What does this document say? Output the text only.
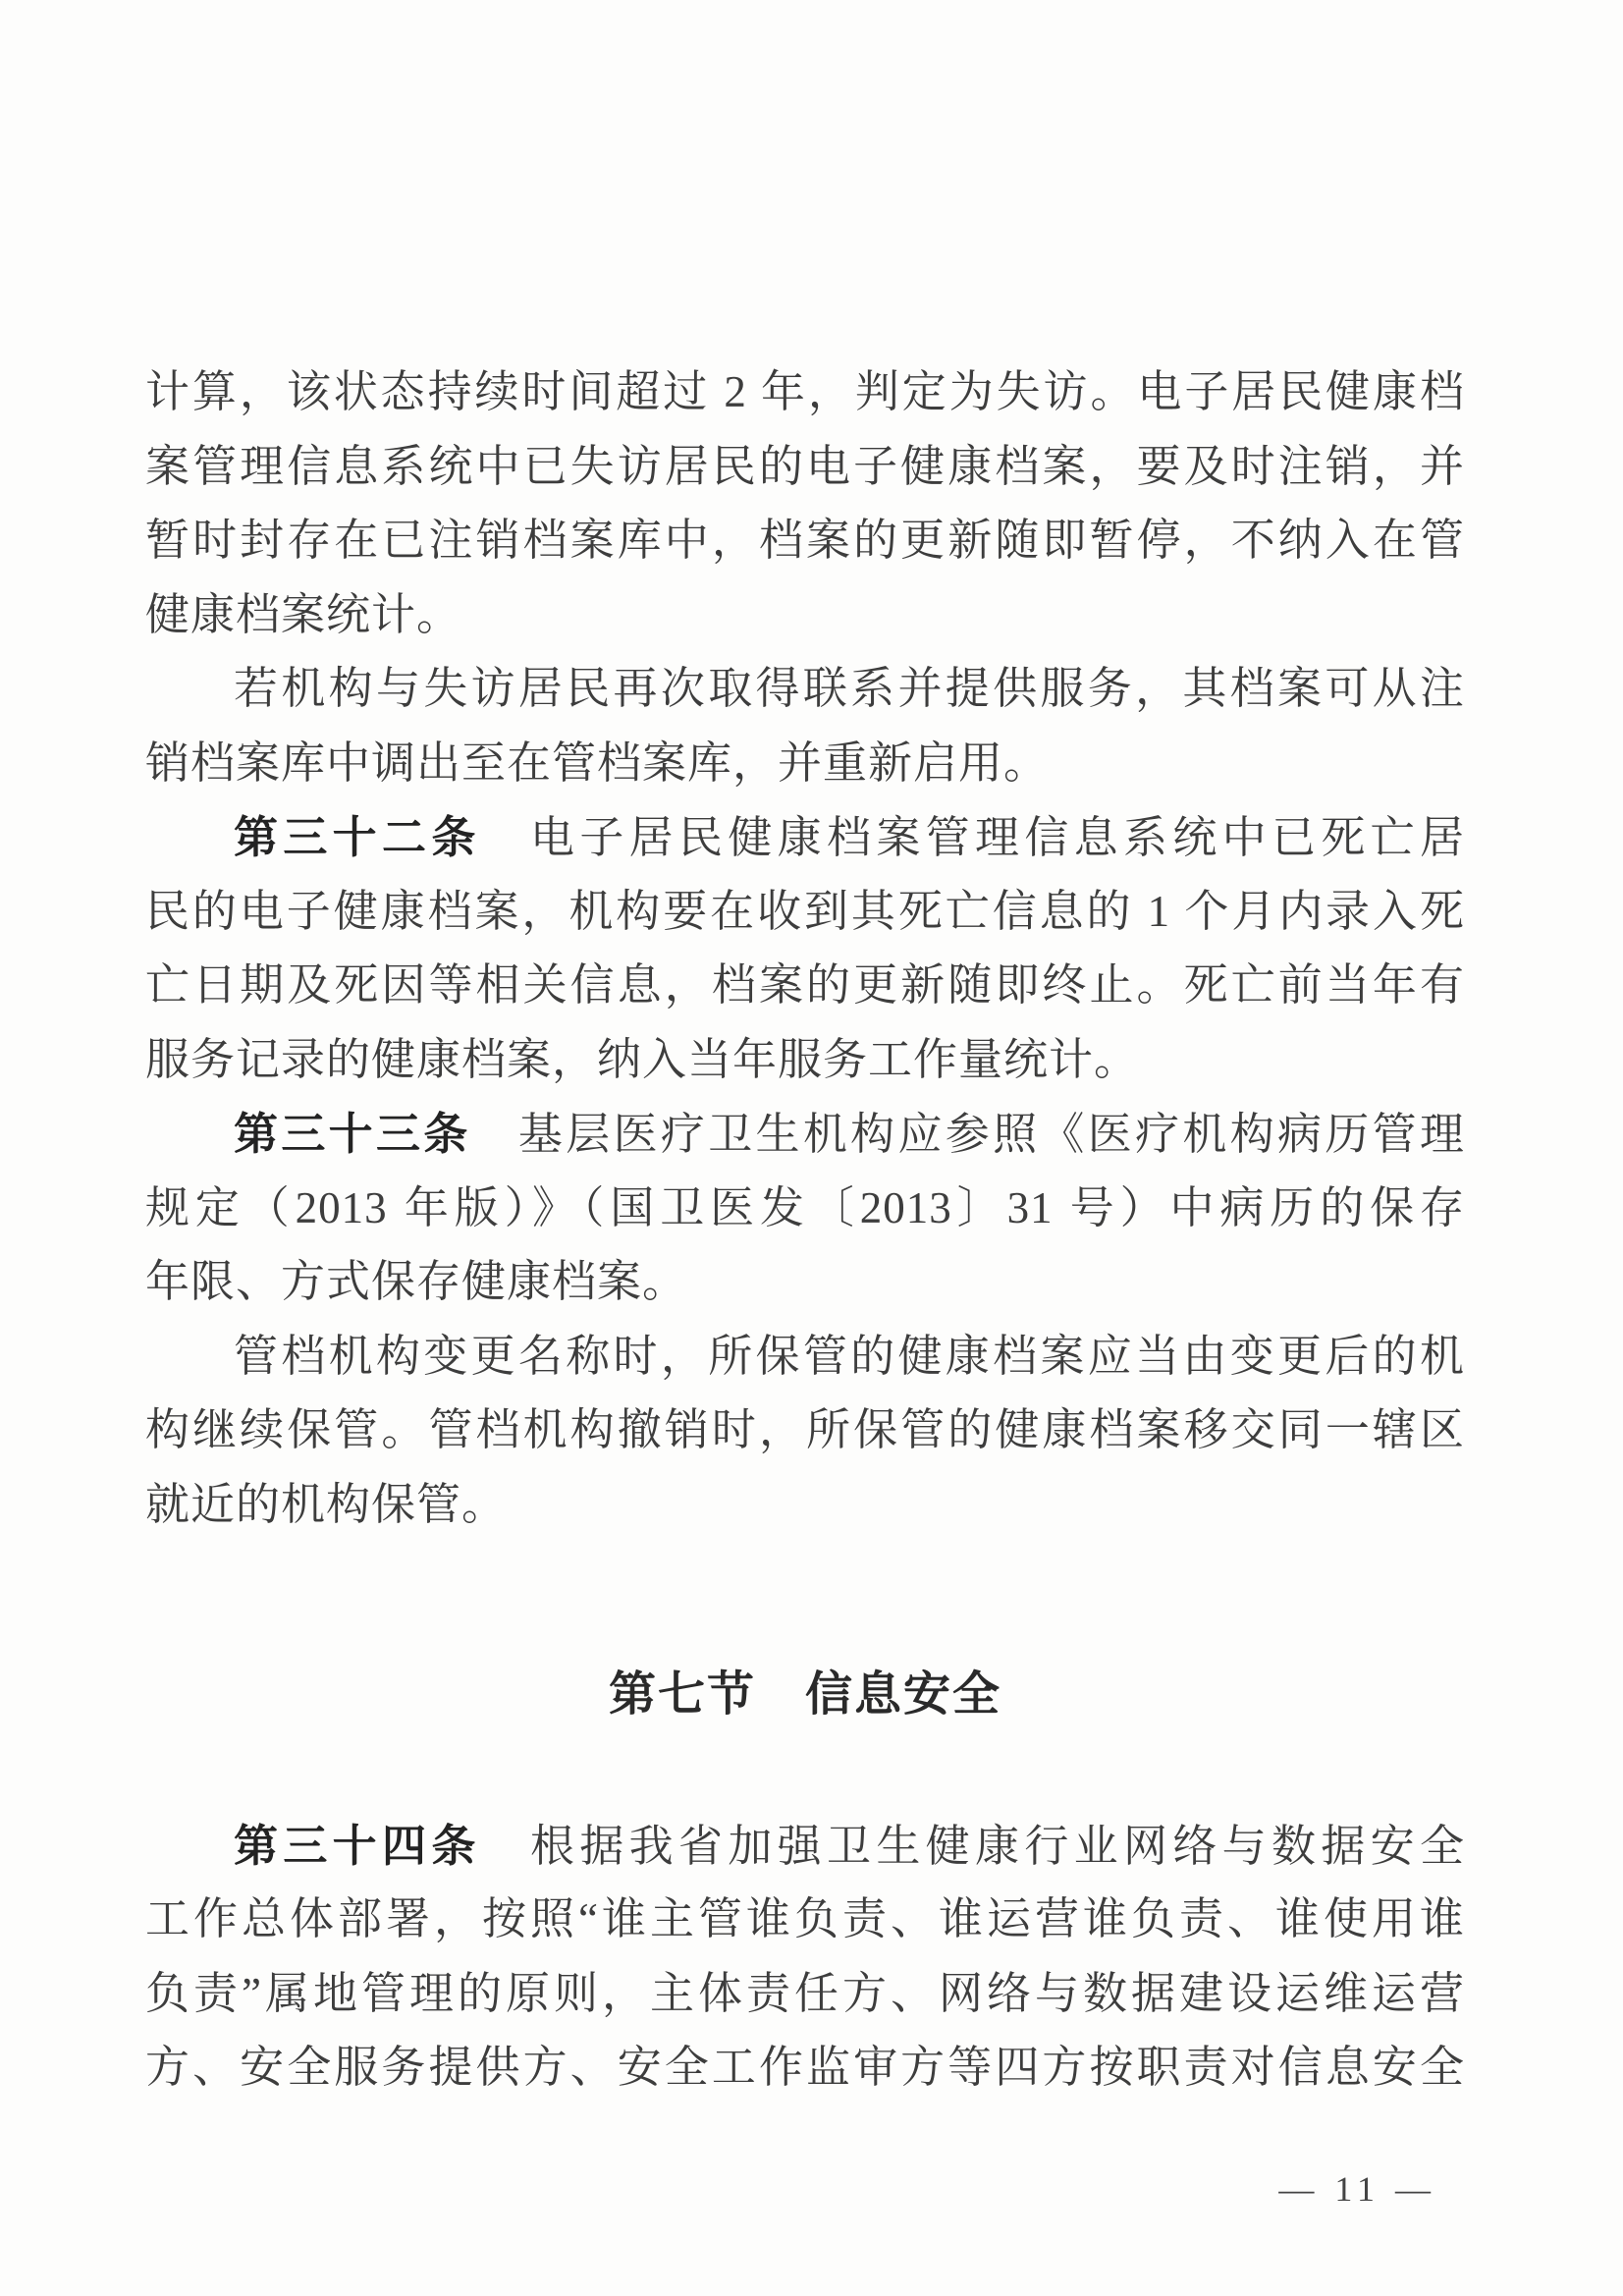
计算，该状态持续时间超过 2 年，判定为失访。电子居民健康档
案管理信息系统中已失访居民的电子健康档案，要及时注销，并
暂时封存在已注销档案库中，档案的更新随即暂停，不纳入在管
健康档案统计。
若机构与失访居民再次取得联系并提供服务，其档案可从注
销档案库中调出至在管档案库，并重新启用。
第三十二条　电子居民健康档案管理信息系统中已死亡居
民的电子健康档案，机构要在收到其死亡信息的 1 个月内录入死
亡日期及死因等相关信息，档案的更新随即终止。死亡前当年有
服务记录的健康档案，纳入当年服务工作量统计。
第三十三条　基层医疗卫生机构应参照《医疗机构病历管理
规定（2013 年版）》（国卫医发〔2013〕31 号）中病历的保存
年限、方式保存健康档案。
管档机构变更名称时，所保管的健康档案应当由变更后的机
构继续保管。管档机构撤销时，所保管的健康档案移交同一辖区
就近的机构保管。
第七节　信息安全
第三十四条　根据我省加强卫生健康行业网络与数据安全
工作总体部署，按照“谁主管谁负责、谁运营谁负责、谁使用谁
负责”属地管理的原则，主体责任方、网络与数据建设运维运营
方、安全服务提供方、安全工作监审方等四方按职责对信息安全
— 11 —
